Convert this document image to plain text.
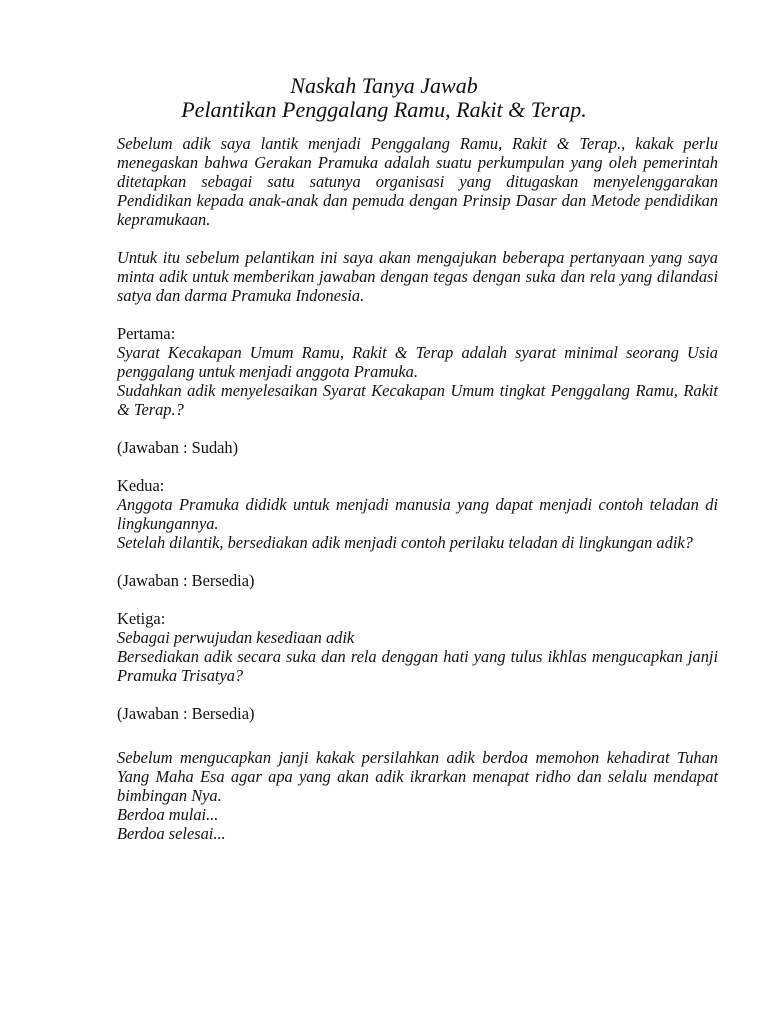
Naskah Tanya Jawab
Pelantikan Penggalang Ramu, Rakit & Terap.

Sebelum adik saya lantik menjadi Penggalang Ramu, Rakit & Terap., kakak perlu menegaskan bahwa Gerakan Pramuka adalah suatu perkumpulan yang oleh pemerintah ditetapkan sebagai satu satunya organisasi yang ditugaskan menyelenggarakan Pendidikan kepada anak-anak dan pemuda dengan Prinsip Dasar dan Metode pendidikan kepramukaan.

Untuk itu sebelum pelantikan ini saya akan mengajukan beberapa pertanyaan yang saya minta adik untuk memberikan jawaban dengan tegas dengan suka dan rela yang dilandasi satya dan darma Pramuka Indonesia.

Pertama:

Syarat Kecakapan Umum Ramu, Rakit & Terap adalah syarat minimal seorang Usia penggalang untuk menjadi anggota Pramuka.

Sudahkan adik menyelesaikan Syarat Kecakapan Umum tingkat Penggalang Ramu, Rakit & Terap.?

(Jawaban : Sudah)

Kedua:

Anggota Pramuka dididk untuk menjadi manusia yang dapat menjadi contoh teladan di lingkungannya.

Setelah dilantik, bersediakan adik menjadi contoh perilaku teladan di lingkungan adik?

(Jawaban : Bersedia)

Ketiga:

Sebagai perwujudan kesediaan adik

Bersediakan adik secara suka dan rela denggan hati yang tulus ikhlas mengucapkan janji Pramuka Trisatya?

(Jawaban : Bersedia)

Sebelum mengucapkan janji kakak persilahkan adik berdoa memohon kehadirat Tuhan Yang Maha Esa agar apa yang akan adik ikrarkan menapat ridho dan selalu mendapat bimbingan Nya.

Berdoa mulai...

Berdoa selesai...
